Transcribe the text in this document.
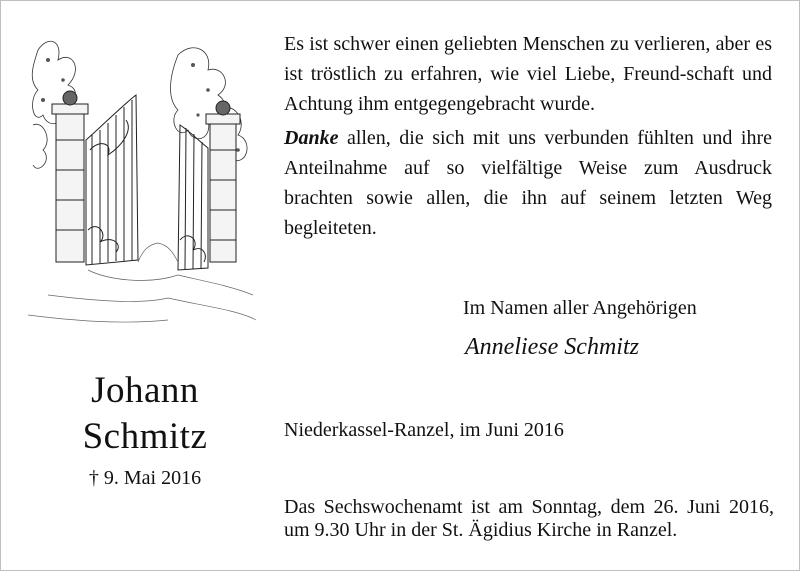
Johann
Schmitz
† 9. Mai 2016

Es ist schwer einen geliebten Menschen zu verlieren, aber es ist tröstlich zu erfahren, wie viel Liebe, Freund-schaft und Achtung ihm entgegengebracht wurde.

Danke allen, die sich mit uns verbunden fühlten und ihre Anteilnahme auf so vielfältige Weise zum Ausdruck brachten sowie allen, die ihn auf seinem letzten Weg begleiteten.

Im Namen aller Angehörigen
Anneliese Schmitz
Niederkassel-Ranzel, im Juni 2016

Das Sechswochenamt ist am Sonntag, dem 26. Juni 2016, um 9.30 Uhr in der St. Ägidius Kirche in Ranzel.
